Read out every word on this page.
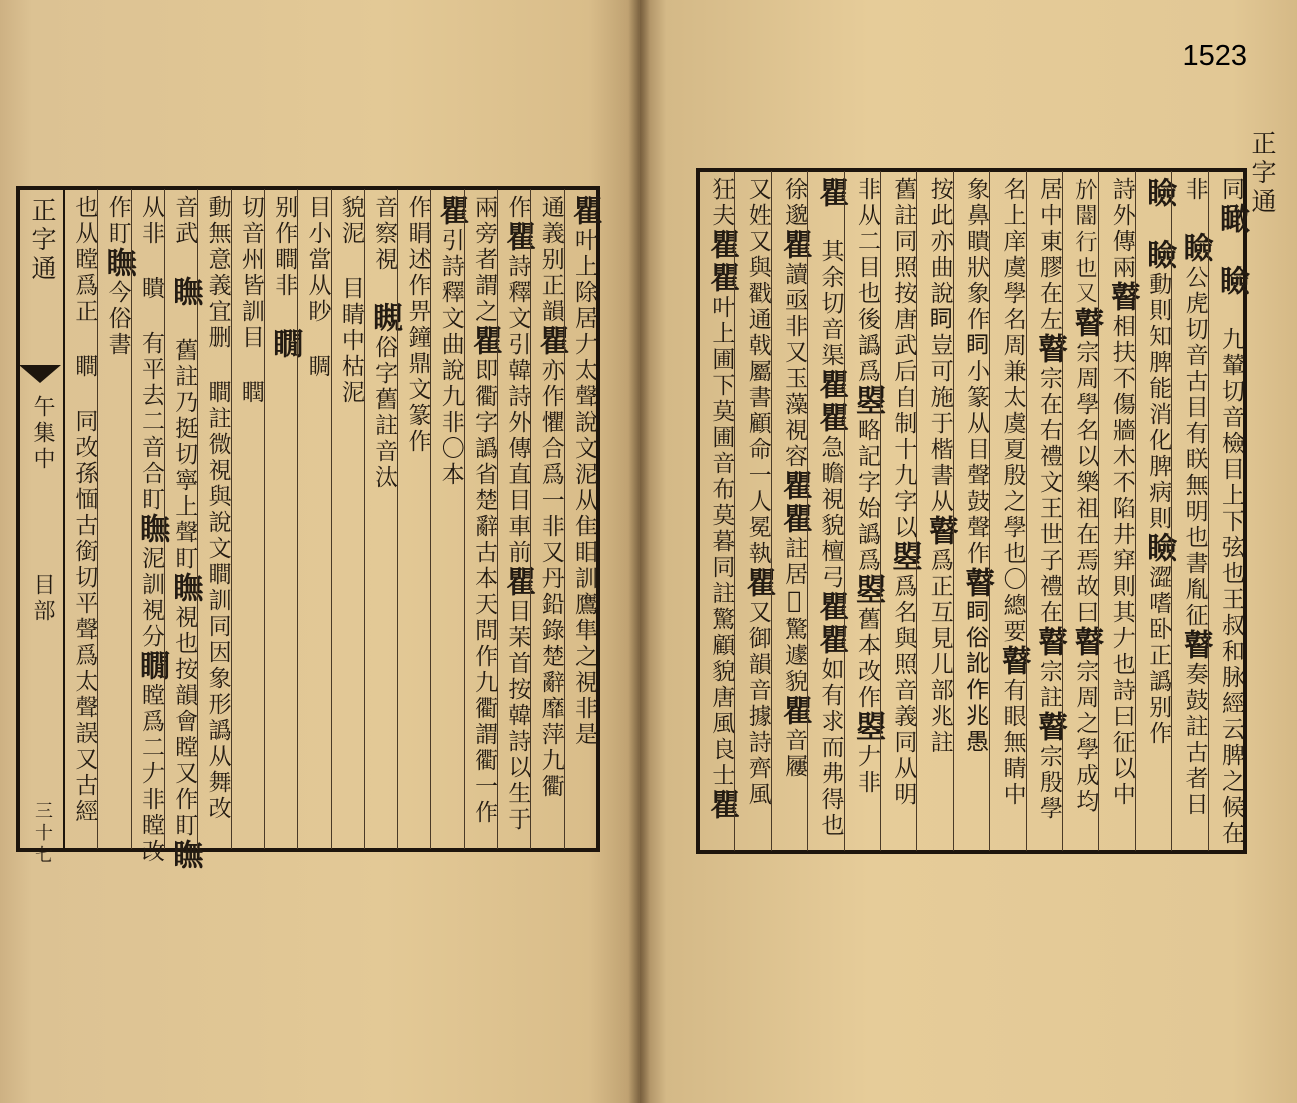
正字通
午集中
目部
三十七
瞿叶上除居𠂇太聲說文泥从隹䀠訓鷹隼之視非是
通義别正韻瞿亦作懼合爲一非又丹鉛錄楚辭靡萍九衢
作瞿詩釋文引韓詩外傳直目車前瞿目苿首按韓詩以生于
兩旁者謂之瞿即衢字譌省楚辭古本天問作九衢謂衢一作
瞿引詩釋文曲說九非〇本
作睊述作畀鐘鼎文篆作
音察視 瞡俗字舊註音汰
貌泥 目睛中枯泥
目小當从眇 睭
别作瞷非 瞯
切音州皆訓目 瞤
動無意義宜删 瞷註微視與說文瞷訓同因象形譌从舞改
音武 瞴 舊註乃挺切寧上聲盯瞴視也按韻會瞠又作盯瞴
从非 瞶 有平去二音合盯瞴泥訓視分瞯瞠爲二𠂇非瞠改
作盯瞴今俗書
也从瞠爲正 瞷 同改孫愐古銜切平聲爲太聲誤又古經
同瞰 瞼 九輦切音檢目上下弦也王叔和脉經云脾之候在
非 瞼公虎切音古目有眹無明也書胤征瞽奏鼓註古者日
瞼 瞼動則知脾能消化脾病則瞼澀嗜卧正譌别作
詩外傳兩瞽相扶不傷牆木不陷井穽則其𠂇也詩曰征以中
𣃘闇行也又瞽宗周學名以樂祖在焉故曰瞽宗周之學成均
居中東膠在左瞽宗在右禮文王世子禮在瞽宗註瞽宗殷學
名上庠虞學名周兼太虞夏殷之學也〇總要瞽有眼無睛中
象鼻瞶狀象作𥄶小篆从目聲鼓聲作瞽𥄶俗訛作兆愚
按此亦曲說𥄶豈可施于楷書从瞽爲正互見儿部兆註
舊註同照按唐武后自制十九字以曌爲名與照音義同从明
非从二目也後譌爲曌略記字始譌爲曌舊本改作曌𠂇非
瞿 其余切音渠瞿瞿急瞻視貌檀弓瞿瞿如有求而弗得也
徐邈瞿讀亟非又玉藻視容瞿瞿註居𠋢驚遽貌瞿音屨
又姓又與戳通戟屬書顧命一人冕執瞿又御韻音據詩齊風
狂夫瞿瞿叶上圃下莫圃音布莫暮同註驚顧貌唐風良士瞿
正字通
1523
